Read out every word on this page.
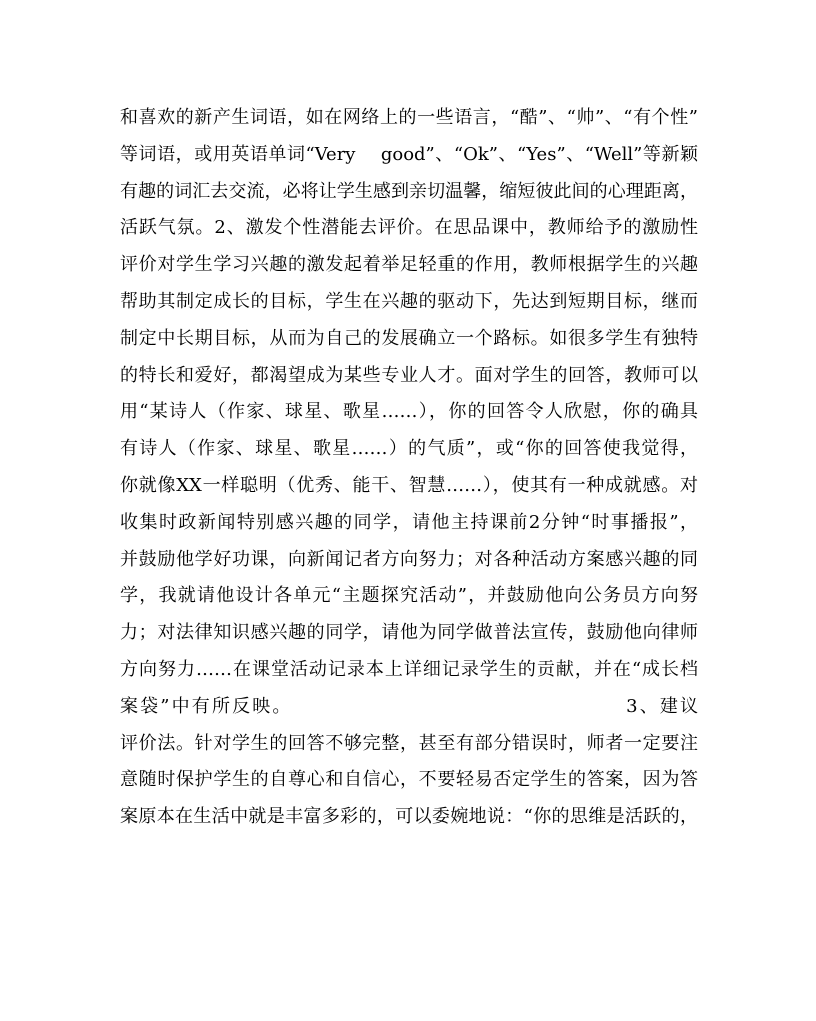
和喜欢的新产生词语，如在网络上的一些语言，“酷”、“帅”、“有个性”
等词语，或用英语单词“Very　 good”、“Ok”、“Yes”、“Well”等新颖
有趣的词汇去交流，必将让学生感到亲切温馨，缩短彼此间的心理距离，
活跃气氛。2、激发个性潜能去评价。在思品课中，教师给予的激励性
评价对学生学习兴趣的激发起着举足轻重的作用，教师根据学生的兴趣
帮助其制定成长的目标，学生在兴趣的驱动下，先达到短期目标，继而
制定中长期目标，从而为自己的发展确立一个路标。如很多学生有独特
的特长和爱好，都渴望成为某些专业人才。面对学生的回答，教师可以
用“某诗人（作家、球星、歌星……），你的回答令人欣慰，你的确具
有诗人（作家、球星、歌星……）的气质”，或“你的回答使我觉得，
你就像XX一样聪明（优秀、能干、智慧……），使其有一种成就感。对
收集时政新闻特别感兴趣的同学，请他主持课前2分钟“时事播报”，
并鼓励他学好功课，向新闻记者方向努力；对各种活动方案感兴趣的同
学，我就请他设计各单元“主题探究活动”，并鼓励他向公务员方向努
力；对法律知识感兴趣的同学，请他为同学做普法宣传，鼓励他向律师
方向努力……在课堂活动记录本上详细记录学生的贡献，并在“成长档
案袋”中有所反映。　　　　　　　　　　　　　　　　　3、建议
评价法。针对学生的回答不够完整，甚至有部分错误时，师者一定要注
意随时保护学生的自尊心和自信心，不要轻易否定学生的答案，因为答
案原本在生活中就是丰富多彩的，可以委婉地说：“你的思维是活跃的，
